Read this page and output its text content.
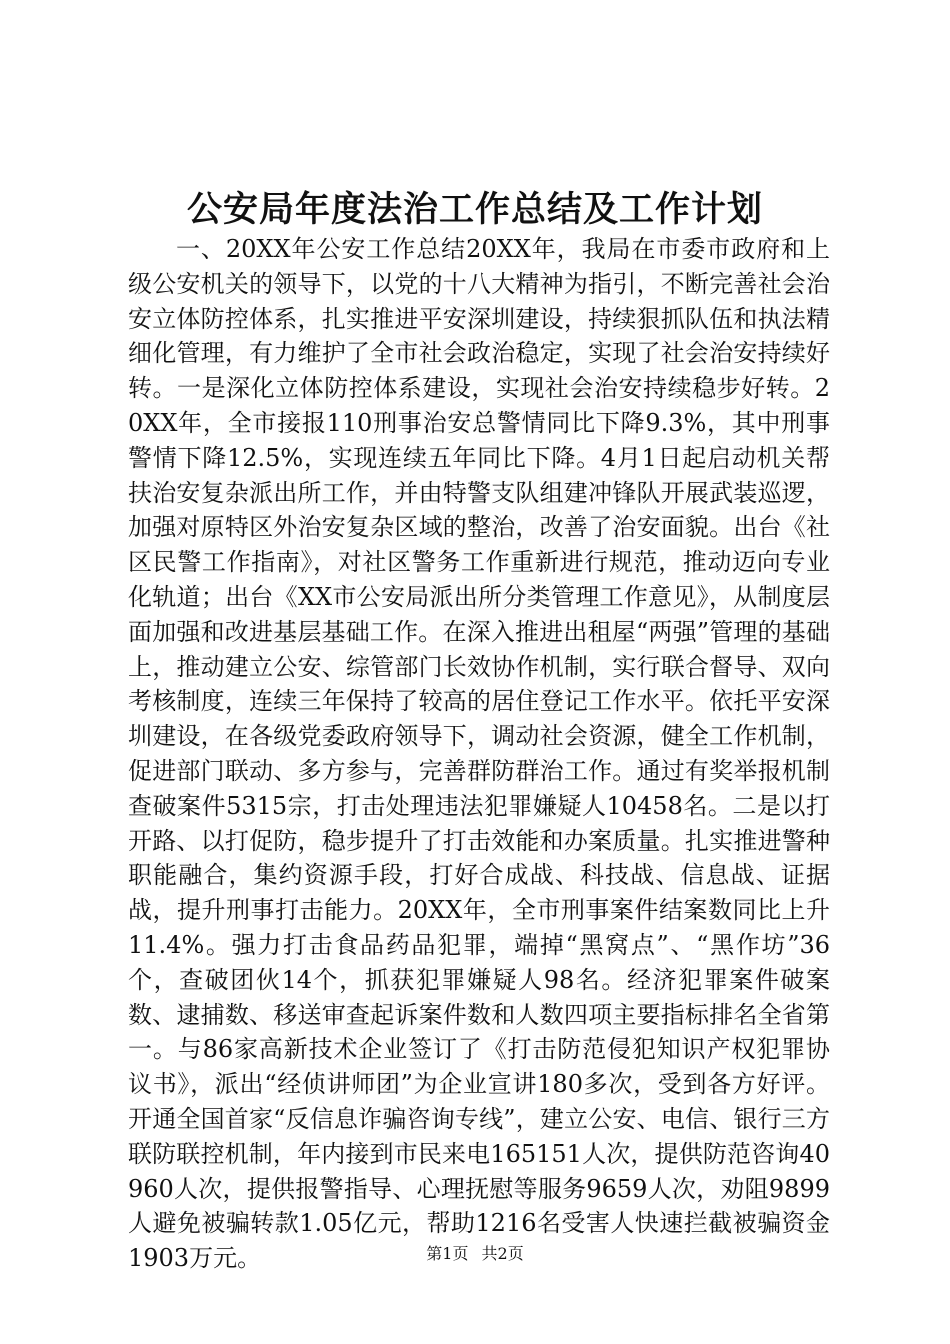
公安局年度法治工作总结及工作计划

一、20XX年公安工作总结20XX年，我局在市委市政府和上级公安机关的领导下，以党的十八大精神为指引，不断完善社会治安立体防控体系，扎实推进平安深圳建设，持续狠抓队伍和执法精细化管理，有力维护了全市社会政治稳定，实现了社会治安持续好转。一是深化立体防控体系建设，实现社会治安持续稳步好转。20XX年，全市接报110刑事治安总警情同比下降9.3%，其中刑事警情下降12.5%，实现连续五年同比下降。4月1日起启动机关帮扶治安复杂派出所工作，并由特警支队组建冲锋队开展武装巡逻，加强对原特区外治安复杂区域的整治，改善了治安面貌。出台《社区民警工作指南》，对社区警务工作重新进行规范，推动迈向专业化轨道；出台《XX市公安局派出所分类管理工作意见》，从制度层面加强和改进基层基础工作。在深入推进出租屋“两强”管理的基础上，推动建立公安、综管部门长效协作机制，实行联合督导、双向考核制度，连续三年保持了较高的居住登记工作水平。依托平安深圳建设，在各级党委政府领导下，调动社会资源，健全工作机制，促进部门联动、多方参与，完善群防群治工作。通过有奖举报机制查破案件5315宗，打击处理违法犯罪嫌疑人10458名。二是以打开路、以打促防，稳步提升了打击效能和办案质量。扎实推进警种职能融合，集约资源手段，打好合成战、科技战、信息战、证据战，提升刑事打击能力。20XX年，全市刑事案件结案数同比上升11.4%。强力打击食品药品犯罪，端掉“黑窝点”、“黑作坊”36个，查破团伙14个，抓获犯罪嫌疑人98名。经济犯罪案件破案数、逮捕数、移送审查起诉案件数和人数四项主要指标排名全省第一。与86家高新技术企业签订了《打击防范侵犯知识产权犯罪协议书》，派出“经侦讲师团”为企业宣讲180多次，受到各方好评。开通全国首家“反信息诈骗咨询专线”，建立公安、电信、银行三方联防联控机制，年内接到市民来电165151人次，提供防范咨询40960人次，提供报警指导、心理抚慰等服务9659人次，劝阻9899人避免被骗转款1.05亿元，帮助1216名受害人快速拦截被骗资金1903万元。	第1页 共2页
